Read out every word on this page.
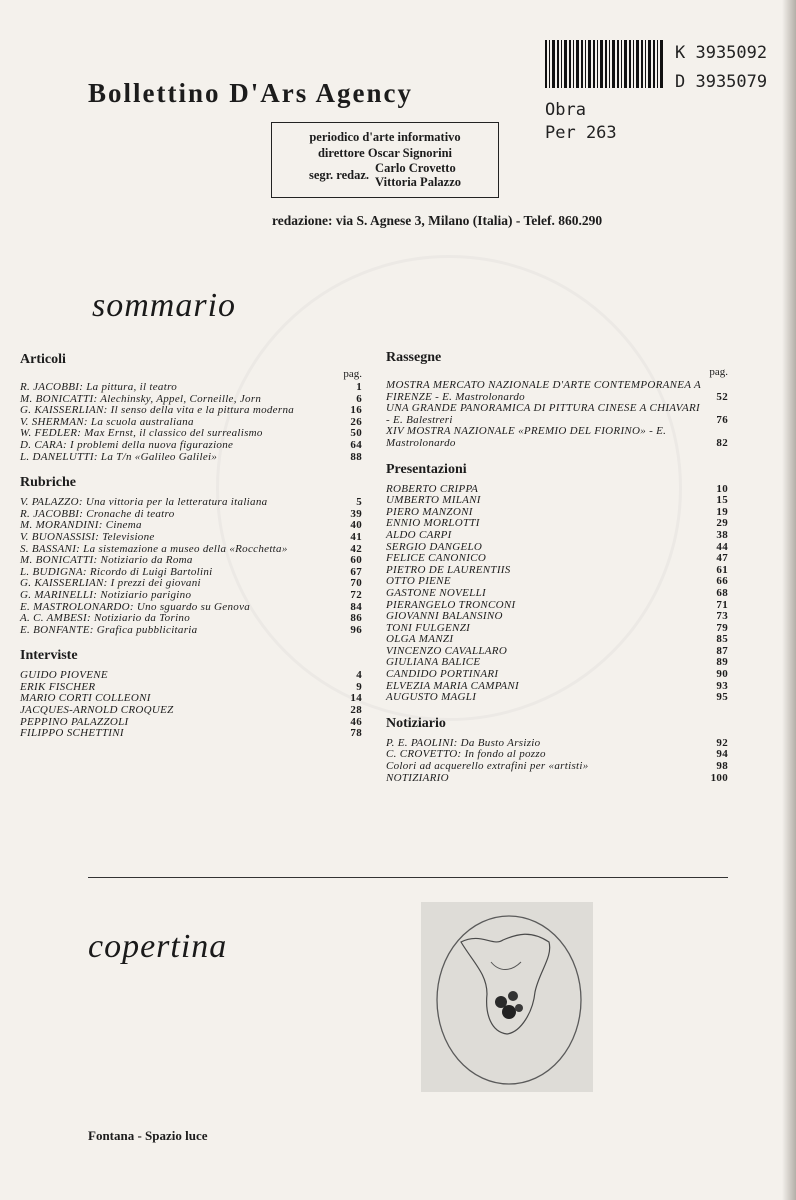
Bollettino D'Ars Agency
periodico d'arte informativo
direttore Oscar Signorini
segr. redaz. Carlo Crovetto
Vittoria Palazzo
redazione: via S. Agnese 3, Milano (Italia) - Telef. 860.290
K 3935092
D 3935079
Obra
Per 263
sommario
Articoli
pag.
R. JACOBBI: La pittura, il teatro	1
M. BONICATTI: Alechinsky, Appel, Corneille, Jorn	6
G. KAISSERLIAN: Il senso della vita e la pittura moderna	16
V. SHERMAN: La scuola australiana	26
W. FEDLER: Max Ernst, il classico del surrealismo	50
D. CARA: I problemi della nuova figurazione	64
L. DANELUTTI: La T/n «Galileo Galilei»	88
Rubriche
V. PALAZZO: Una vittoria per la letteratura italiana	5
R. JACOBBI: Cronache di teatro	39
M. MORANDINI: Cinema	40
V. BUONASSISI: Televisione	41
S. BASSANI: La sistemazione a museo della «Rocchetta»	42
M. BONICATTI: Notiziario da Roma	60
L. BUDIGNA: Ricordo di Luigi Bartolini	67
G. KAISSERLIAN: I prezzi dei giovani	70
G. MARINELLI: Notiziario parigino	72
E. MASTROLONARDO: Uno sguardo su Genova	84
A. C. AMBESI: Notiziario da Torino	86
E. BONFANTE: Grafica pubblicitaria	96
Interviste
GUIDO PIOVENE	4
ERIK FISCHER	9
MARIO CORTI COLLEONI	14
JACQUES-ARNOLD CROQUEZ	28
PEPPINO PALAZZOLI	46
FILIPPO SCHETTINI	78
Rassegne
pag.
MOSTRA MERCATO NAZIONALE D'ARTE CONTEMPORANEA A FIRENZE - E. Mastrolonardo	52
UNA GRANDE PANORAMICA DI PITTURA CINESE A CHIAVARI - E. Balestreri	76
XIV MOSTRA NAZIONALE «PREMIO DEL FIORINO» - E. Mastrolonardo	82
Presentazioni
ROBERTO CRIPPA	10
UMBERTO MILANI	15
PIERO MANZONI	19
ENNIO MORLOTTI	29
ALDO CARPI	38
SERGIO DANGELO	44
FELICE CANONICO	47
PIETRO DE LAURENTIIS	61
OTTO PIENE	66
GASTONE NOVELLI	68
PIERANGELO TRONCONI	71
GIOVANNI BALANSINO	73
TONI FULGENZI	79
OLGA MANZI	85
VINCENZO CAVALLARO	87
GIULIANA BALICE	89
CANDIDO PORTINARI	90
ELVEZIA MARIA CAMPANI	93
AUGUSTO MAGLI	95
Notiziario
P. E. PAOLINI: Da Busto Arsizio	92
C. CROVETTO: In fondo al pozzo	94
Colori ad acquerello extrafini per «artisti»	98
NOTIZIARIO	100
copertina
Fontana - Spazio luce
